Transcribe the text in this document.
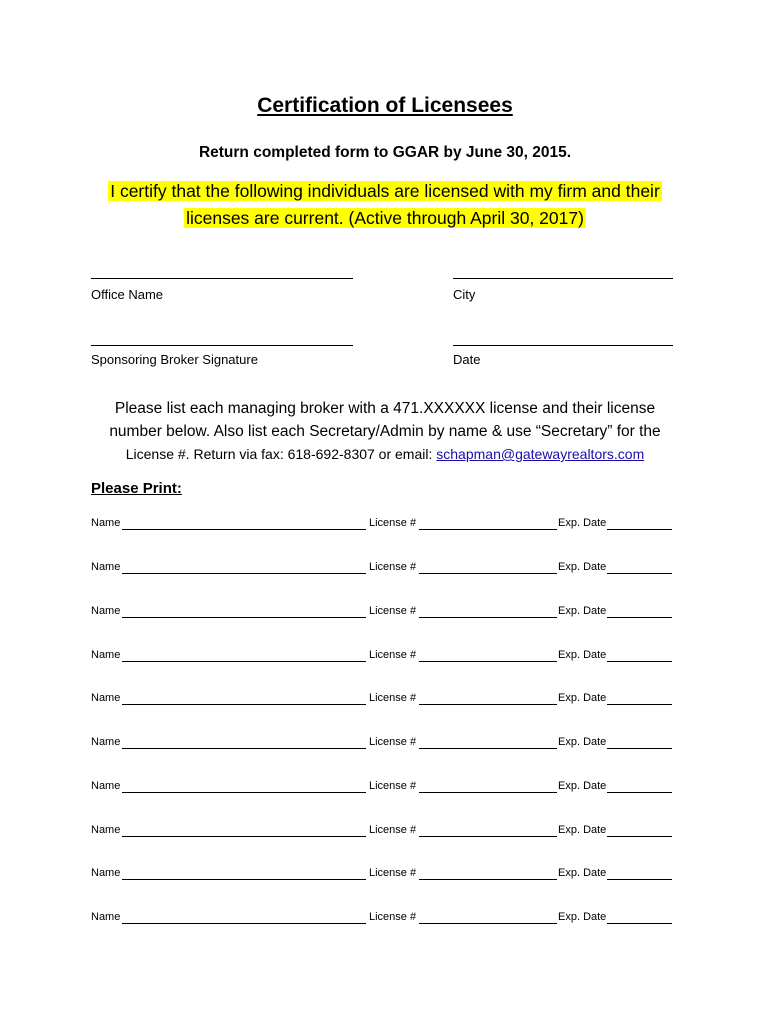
Certification of Licensees
Return completed form to GGAR by June 30, 2015.
I certify that the following individuals are licensed with my firm and their
licenses are current. (Active through April 30, 2017)
Office Name	City
Sponsoring Broker Signature	Date
Please list each managing broker with a 471.XXXXXX license and their license
number below. Also list each Secretary/Admin by name & use “Secretary” for the
License #. Return via fax: 618-692-8307 or email: schapman@gatewayrealtors.com
Please Print:
Name	License #	Exp. Date
Name	License #	Exp. Date
Name	License #	Exp. Date
Name	License #	Exp. Date
Name	License #	Exp. Date
Name	License #	Exp. Date
Name	License #	Exp. Date
Name	License #	Exp. Date
Name	License #	Exp. Date
Name	License #	Exp. Date
